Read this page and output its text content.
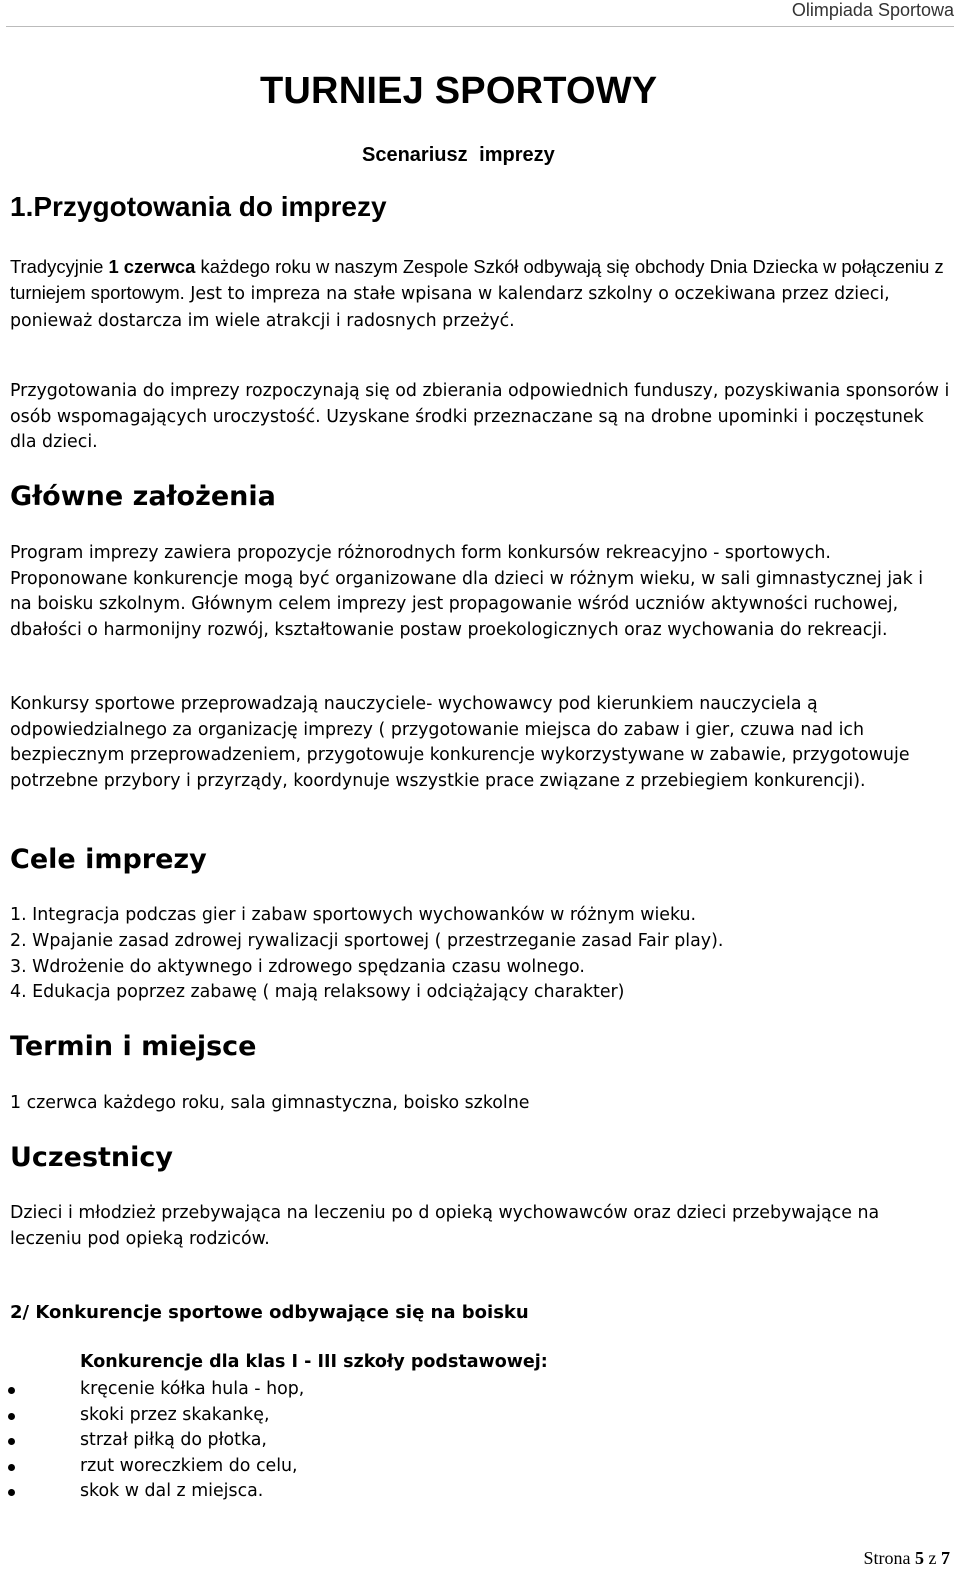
Olimpiada Sportowa
TURNIEJ SPORTOWY
Scenariusz imprezy
1.Przygotowania do imprezy
Tradycyjnie 1 czerwca każdego roku w naszym Zespole Szkół odbywają się obchody Dnia Dziecka w połączeniu z turniejem sportowym. Jest to impreza na stałe wpisana w kalendarz szkolny o oczekiwana przez dzieci, ponieważ dostarcza im wiele atrakcji i radosnych przeżyć.
Przygotowania do imprezy rozpoczynają się od zbierania odpowiednich funduszy, pozyskiwania sponsorów i osób wspomagających uroczystość. Uzyskane środki przeznaczane są na drobne upominki i poczęstunek dla dzieci.
Główne założenia
Program imprezy zawiera propozycje różnorodnych form konkursów rekreacyjno - sportowych. Proponowane konkurencje mogą być organizowane dla dzieci w różnym wieku, w sali gimnastycznej jak i na boisku szkolnym. Głównym celem imprezy jest propagowanie wśród uczniów aktywności ruchowej, dbałości o harmonijny rozwój, kształtowanie postaw proekologicznych oraz wychowania do rekreacji.
Konkursy sportowe przeprowadzają nauczyciele- wychowawcy pod kierunkiem nauczyciela ą odpowiedzialnego za organizację imprezy ( przygotowanie miejsca do zabaw i gier, czuwa nad ich bezpiecznym przeprowadzeniem, przygotowuje konkurencje wykorzystywane w zabawie, przygotowuje potrzebne przybory i przyrządy, koordynuje wszystkie prace związane z przebiegiem konkurencji).
Cele imprezy
1. Integracja podczas gier i zabaw sportowych wychowanków w różnym wieku.
2. Wpajanie zasad zdrowej rywalizacji sportowej ( przestrzeganie zasad Fair play).
3. Wdrożenie do aktywnego i zdrowego spędzania czasu wolnego.
4. Edukacja poprzez zabawę ( mają relaksowy i odciążający charakter)
Termin i miejsce
1 czerwca każdego roku, sala gimnastyczna, boisko szkolne
Uczestnicy
Dzieci i młodzież przebywająca na leczeniu po d opieką wychowawców oraz dzieci przebywające na leczeniu pod opieką rodziców.
2/ Konkurencje sportowe odbywające się na boisku
Konkurencje dla klas I - III szkoły podstawowej:
kręcenie kółka hula - hop,
skoki przez skakankę,
strzał piłką do płotka,
rzut woreczkiem do celu,
skok w dal z miejsca.
Strona 5 z 7
